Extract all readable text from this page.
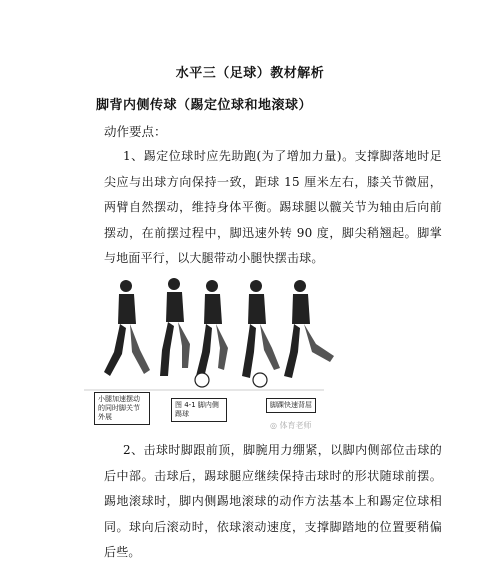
水平三（足球）教材解析
脚背内侧传球（踢定位球和地滚球）
动作要点：

1、踢定位球时应先助跑(为了增加力量)。支撑脚落地时足尖应与出球方向保持一致，距球 15 厘米左右，膝关节微屈，两臂自然摆动，维持身体平衡。踢球腿以髋关节为轴由后向前摆动，在前摆过程中，脚迅速外转 90 度，脚尖稍翘起。脚掌与地面平行，以大腿带动小腿快摆击球。

小腿加速摆动的同时脚关节外展
图 4-1 脚内侧踢球
脚踝快速背屈
◎ 体育老师

2、击球时脚跟前顶，脚腕用力绷紧，以脚内侧部位击球的后中部。击球后，踢球腿应继续保持击球时的形状随球前摆。踢地滚球时，脚内侧踢地滚球的动作方法基本上和踢定位球相同。球向后滚动时，依球滚动速度，支撑脚踏地的位置要稍偏后些。
